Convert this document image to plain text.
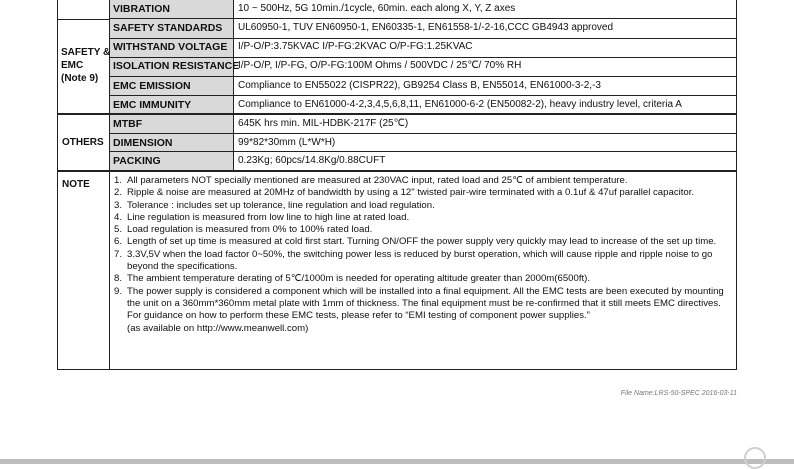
SAFETY &
EMC
(Note 9)
OTHERS
NOTE
VIBRATION
SAFETY STANDARDS
WITHSTAND VOLTAGE
ISOLATION RESISTANCE
EMC EMISSION
EMC IMMUNITY
MTBF
DIMENSION
PACKING
10 ~ 500Hz, 5G 10min./1cycle, 60min. each along X, Y, Z axes
UL60950-1, TUV EN60950-1, EN60335-1, EN61558-1/-2-16,CCC GB4943 approved
I/P-O/P:3.75KVAC I/P-FG:2KVAC O/P-FG:1.25KVAC
I/P-O/P, I/P-FG, O/P-FG:100M Ohms / 500VDC / 25℃/ 70% RH
Compliance to EN55022 (CISPR22), GB9254 Class B, EN55014, EN61000-3-2,-3
Compliance to EN61000-4-2,3,4,5,6,8,11, EN61000-6-2 (EN50082-2), heavy industry level, criteria A
645K hrs min. MIL-HDBK-217F (25℃)
99*82*30mm (L*W*H)
0.23Kg; 60pcs/14.8Kg/0.88CUFT
1. All parameters NOT specially mentioned are measured at 230VAC input, rated load and 25℃ of ambient temperature.
2. Ripple & noise are measured at 20MHz of bandwidth by using a 12" twisted pair-wire terminated with a 0.1uf & 47uf parallel capacitor.
3. Tolerance : includes set up tolerance, line regulation and load regulation.
4. Line regulation is measured from low line to high line at rated load.
5. Load regulation is measured from 0% to 100% rated load.
6. Length of set up time is measured at cold first start. Turning ON/OFF the power supply very quickly may lead to increase of the set up time.
7. 3.3V,5V when the load factor 0~50%, the switching power less is reduced by burst operation, which will cause ripple and ripple noise to go beyond the specifications.
8. The ambient temperature derating of 5℃/1000m is needed for operating altitude greater than 2000m(6500ft).
9. The power supply is considered a component which will be installed into a final equipment. All the EMC tests are been executed by mounting the unit on a 360mm*360mm metal plate with 1mm of thickness. The final equipment must be re-confirmed that it still meets EMC directives. For guidance on how to perform these EMC tests, please refer to “EMI testing of component power supplies.”
(as available on http://www.meanwell.com)
File Name:LRS-50-SPEC 2016-03-11
